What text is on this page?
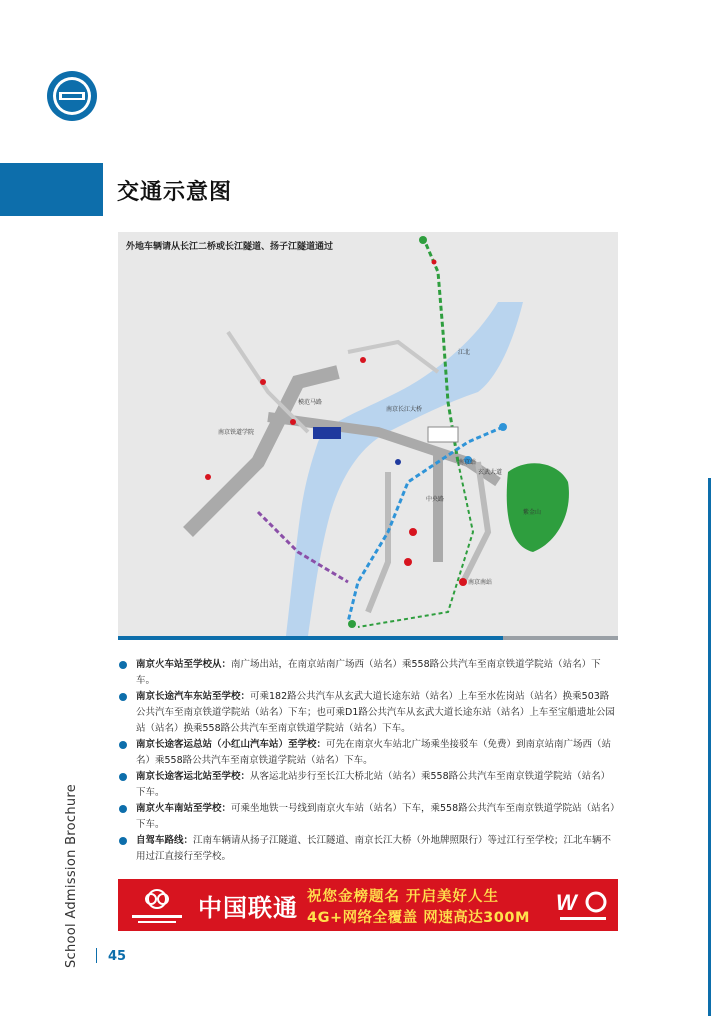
交通示意图
南京铁道学院
南京长江大桥
南京站
中央路
江北
南京南站
紫金山
模范马路
玄武大道
外地车辆请从长江二桥或长江隧道、扬子江隧道通过
南京火车站至学校从：南广场出站，在南京站南广场西（站名）乘558路公共汽车至南京铁道学院站（站名）下车。
南京长途汽车东站至学校：可乘182路公共汽车从玄武大道长途东站（站名）上车至水佐岗站（站名）换乘503路公共汽车至南京铁道学院站（站名）下车；也可乘D1路公共汽车从玄武大道长途东站（站名）上车至宝船遗址公园站（站名）换乘558路公共汽车至南京铁道学院站（站名）下车。
南京长途客运总站（小红山汽车站）至学校：可先在南京火车站北广场乘坐接驳车（免费）到南京站南广场西（站名）乘558路公共汽车至南京铁道学院站（站名）下车。
南京长途客运北站至学校：从客运北站步行至长江大桥北站（站名）乘558路公共汽车至南京铁道学院站（站名）下车。
南京火车南站至学校：可乘坐地铁一号线到南京火车站（站名）下车，乘558路公共汽车至南京铁道学院站（站名）下车。
自驾车路线：江南车辆请从扬子江隧道、长江隧道、南京长江大桥（外地牌照限行）等过江行至学校；江北车辆不用过江直接行至学校。
中国联通 祝您金榜题名 开启美好人生
4G+网络全覆盖 网速高达300M
W
School Admission Brochure 45
